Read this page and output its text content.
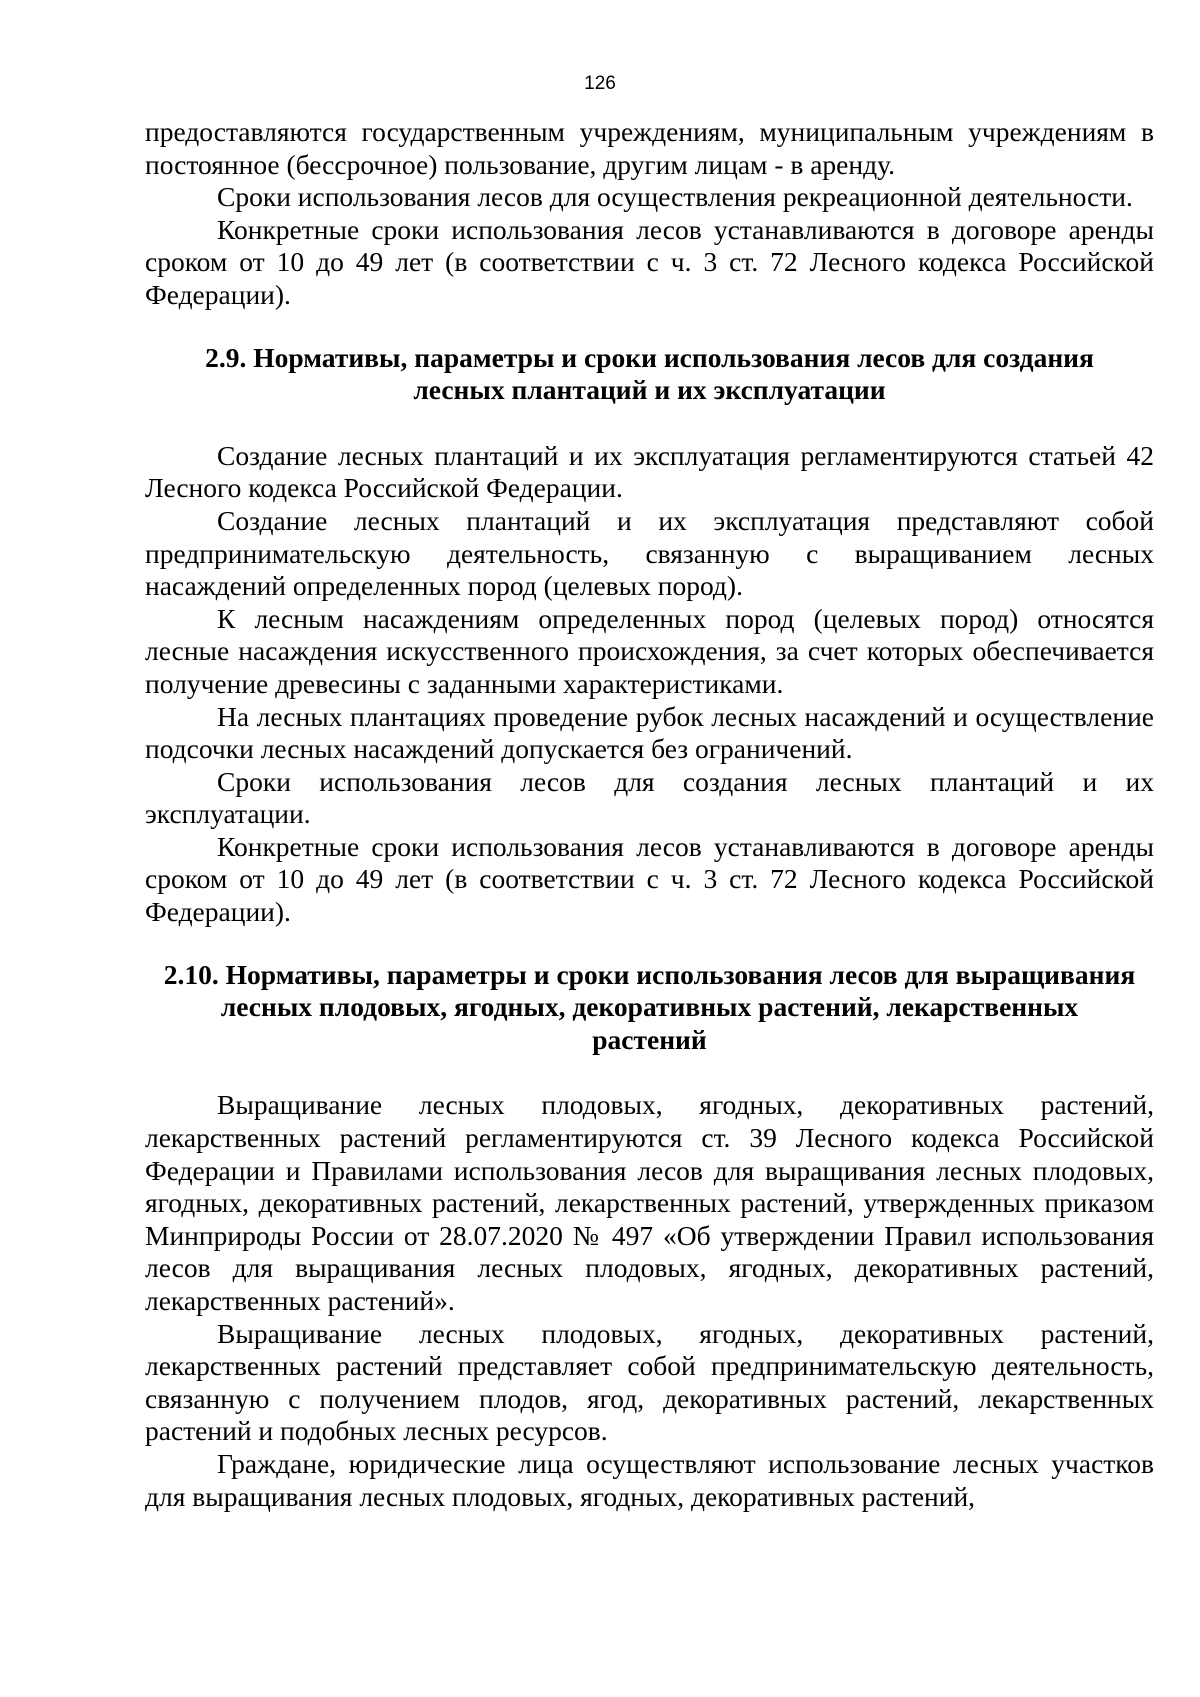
126

предоставляются государственным учреждениям, муниципальным учреждениям в постоянное (бессрочное) пользование, другим лицам - в аренду.

Сроки использования лесов для осуществления рекреационной деятельности.

Конкретные сроки использования лесов устанавливаются в договоре аренды сроком от 10 до 49 лет (в соответствии с ч. 3 ст. 72 Лесного кодекса Российской Федерации).

2.9. Нормативы, параметры и сроки использования лесов для создания
лесных плантаций и их эксплуатации

Создание лесных плантаций и их эксплуатация регламентируются статьей 42 Лесного кодекса Российской Федерации.

Создание лесных плантаций и их эксплуатация представляют собой предпринимательскую деятельность, связанную с выращиванием лесных насаждений определенных пород (целевых пород).

К лесным насаждениям определенных пород (целевых пород) относятся лесные насаждения искусственного происхождения, за счет которых обеспечивается получение древесины с заданными характеристиками.

На лесных плантациях проведение рубок лесных насаждений и осуществление подсочки лесных насаждений допускается без ограничений.

Сроки использования лесов для создания лесных плантаций и их эксплуатации.

Конкретные сроки использования лесов устанавливаются в договоре аренды сроком от 10 до 49 лет (в соответствии с ч. 3 ст. 72 Лесного кодекса Российской Федерации).

2.10. Нормативы, параметры и сроки использования лесов для выращивания
лесных плодовых, ягодных, декоративных растений, лекарственных
растений

Выращивание лесных плодовых, ягодных, декоративных растений, лекарственных растений регламентируются ст. 39 Лесного кодекса Российской Федерации и Правилами использования лесов для выращивания лесных плодовых, ягодных, декоративных растений, лекарственных растений, утвержденных приказом Минприроды России от 28.07.2020 № 497 «Об утверждении Правил использования лесов для выращивания лесных плодовых, ягодных, декоративных растений, лекарственных растений».

Выращивание лесных плодовых, ягодных, декоративных растений, лекарственных растений представляет собой предпринимательскую деятельность, связанную с получением плодов, ягод, декоративных растений, лекарственных растений и подобных лесных ресурсов.

Граждане, юридические лица осуществляют использование лесных участков для выращивания лесных плодовых, ягодных, декоративных растений,
